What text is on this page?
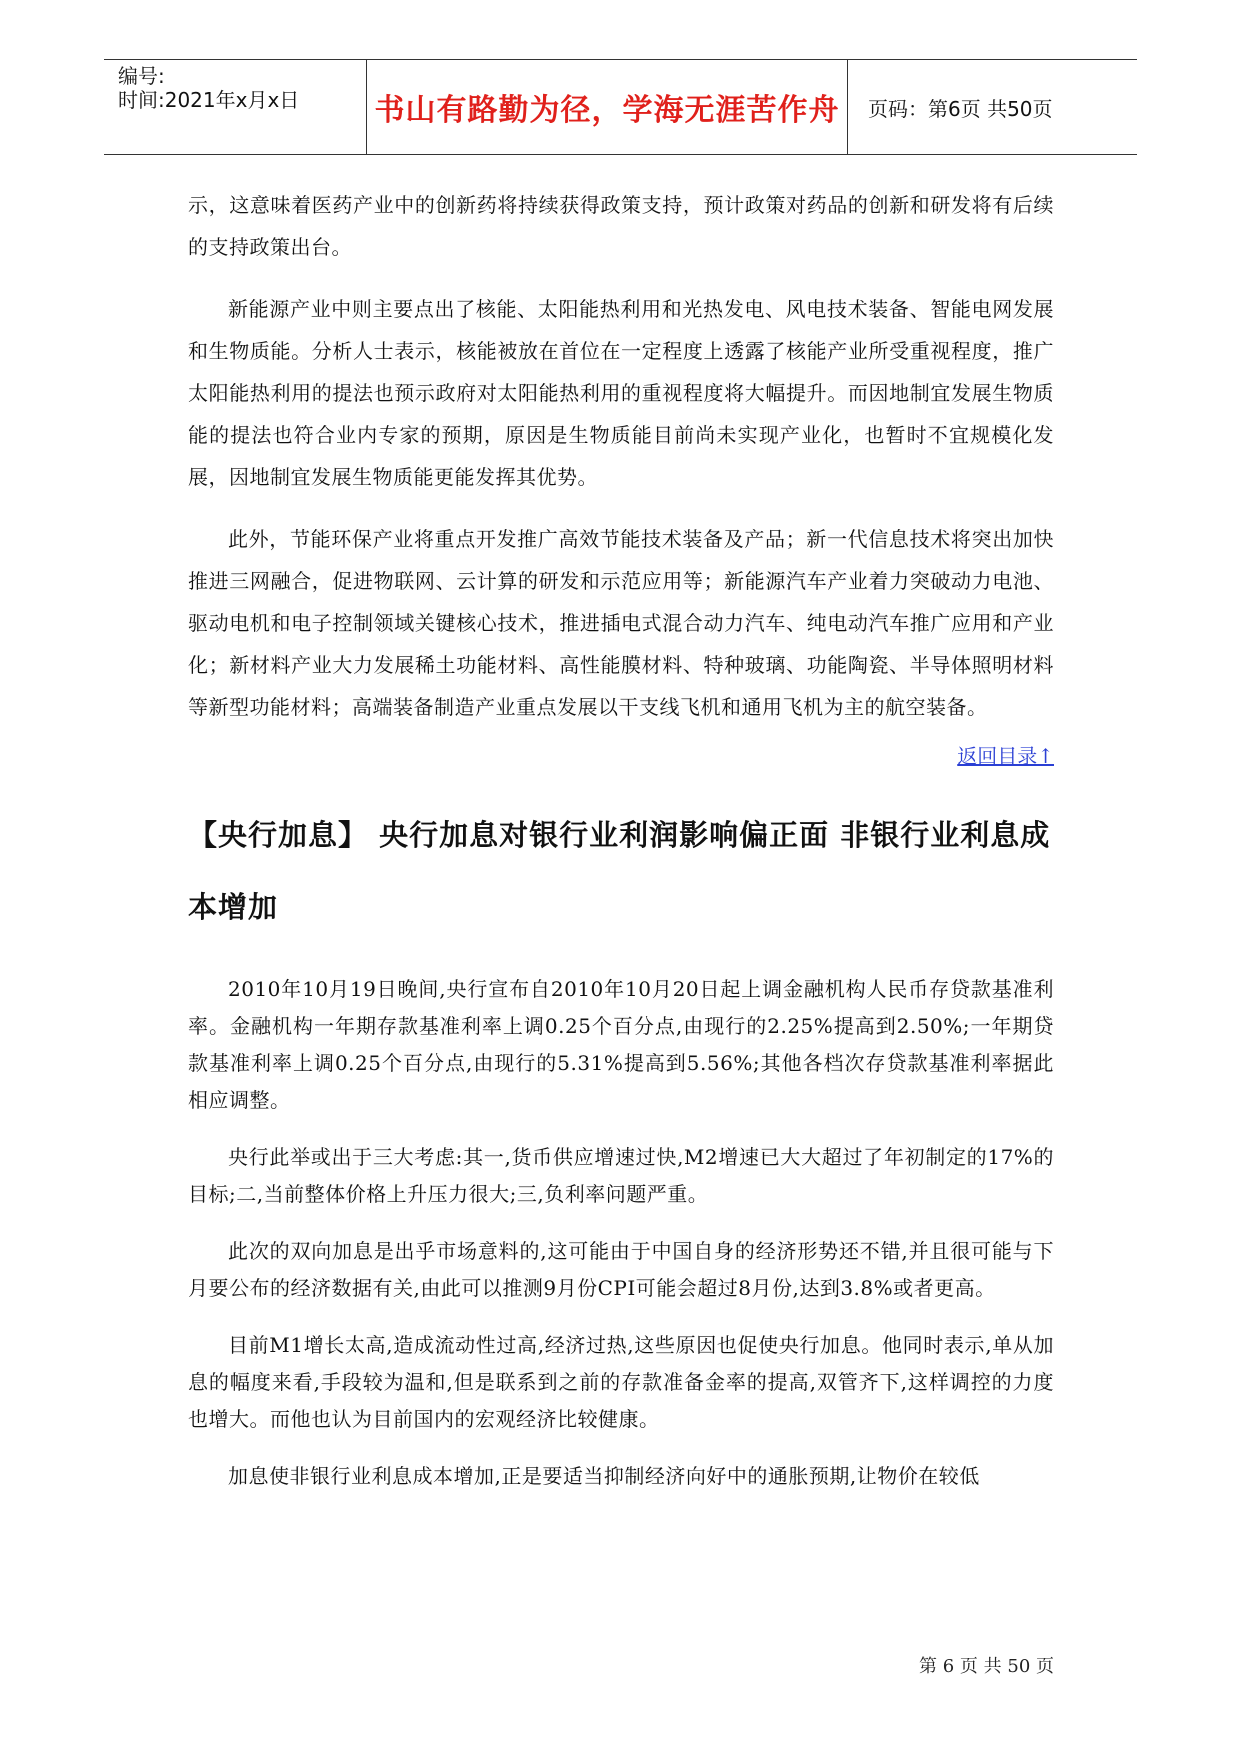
编号:
时间:2021年x月x日	书山有路勤为径，学海无涯苦作舟 页码：第6页 共50页

示，这意味着医药产业中的创新药将持续获得政策支持，预计政策对药品的创新和研发将有后续的支持政策出台。

新能源产业中则主要点出了核能、太阳能热利用和光热发电、风电技术装备、智能电网发展和生物质能。分析人士表示，核能被放在首位在一定程度上透露了核能产业所受重视程度，推广太阳能热利用的提法也预示政府对太阳能热利用的重视程度将大幅提升。而因地制宜发展生物质能的提法也符合业内专家的预期，原因是生物质能目前尚未实现产业化，也暂时不宜规模化发展，因地制宜发展生物质能更能发挥其优势。

此外，节能环保产业将重点开发推广高效节能技术装备及产品；新一代信息技术将突出加快推进三网融合，促进物联网、云计算的研发和示范应用等；新能源汽车产业着力突破动力电池、驱动电机和电子控制领域关键核心技术，推进插电式混合动力汽车、纯电动汽车推广应用和产业化；新材料产业大力发展稀土功能材料、高性能膜材料、特种玻璃、功能陶瓷、半导体照明材料等新型功能材料；高端装备制造产业重点发展以干支线飞机和通用飞机为主的航空装备。

返回目录↑
【央行加息】 央行加息对银行业利润影响偏正面 非银行业利息成本增加

2010年10月19日晚间,央行宣布自2010年10月20日起上调金融机构人民币存贷款基准利率。金融机构一年期存款基准利率上调0.25个百分点,由现行的2.25%提高到2.50%;一年期贷款基准利率上调0.25个百分点,由现行的5.31%提高到5.56%;其他各档次存贷款基准利率据此相应调整。

央行此举或出于三大考虑:其一,货币供应增速过快,M2增速已大大超过了年初制定的17%的目标;二,当前整体价格上升压力很大;三,负利率问题严重。

此次的双向加息是出乎市场意料的,这可能由于中国自身的经济形势还不错,并且很可能与下月要公布的经济数据有关,由此可以推测9月份CPI可能会超过8月份,达到3.8%或者更高。

目前M1增长太高,造成流动性过高,经济过热,这些原因也促使央行加息。他同时表示,单从加息的幅度来看,手段较为温和,但是联系到之前的存款准备金率的提高,双管齐下,这样调控的力度也增大。而他也认为目前国内的宏观经济比较健康。

加息使非银行业利息成本增加,正是要适当抑制经济向好中的通胀预期,让物价在较低

第 6 页 共 50 页
